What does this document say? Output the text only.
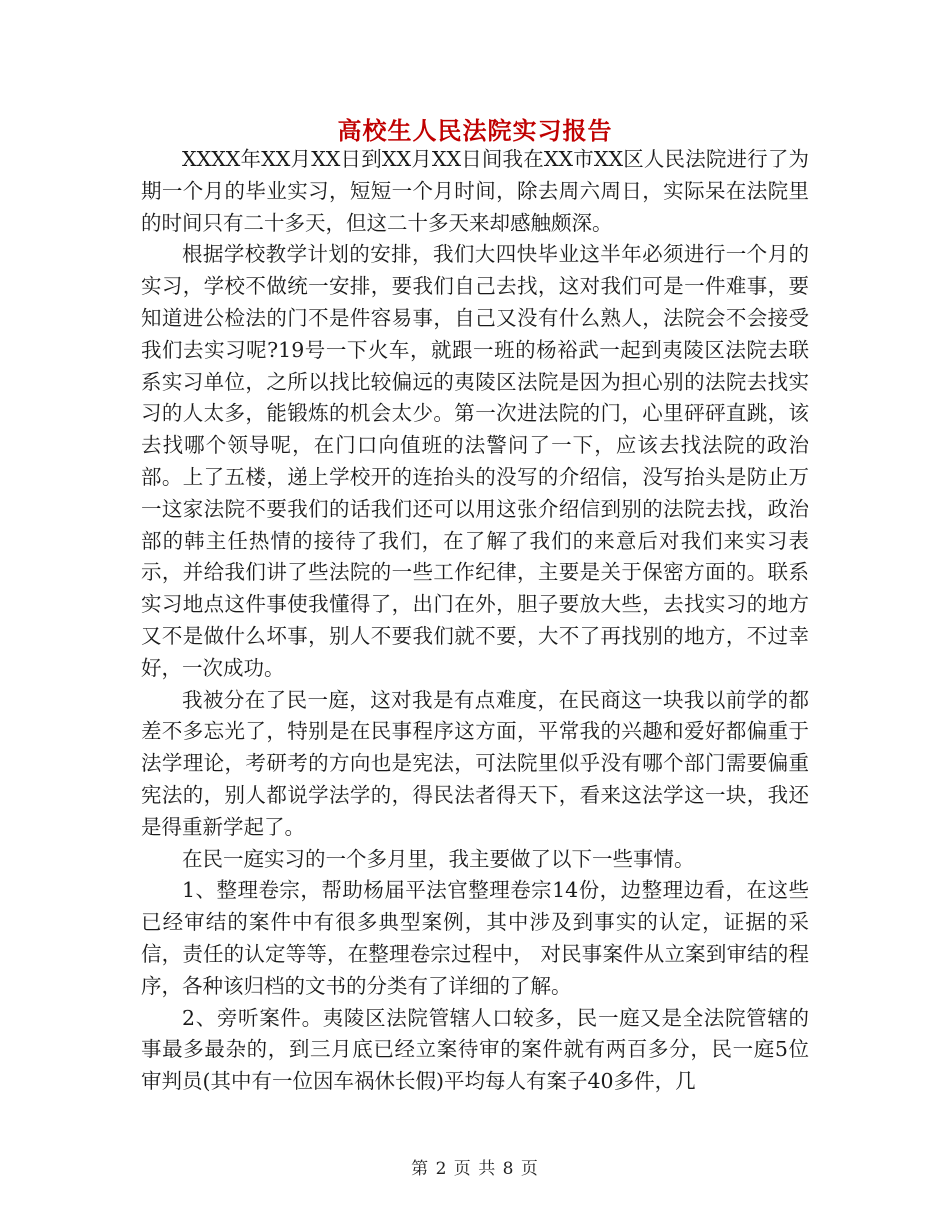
高校生人民法院实习报告

XXXX年XX月XX日到XX月XX日间我在XX市XX区人民法院进行了为期一个月的毕业实习，短短一个月时间，除去周六周日，实际呆在法院里的时间只有二十多天，但这二十多天来却感触颇深。

根据学校教学计划的安排，我们大四快毕业这半年必须进行一个月的实习，学校不做统一安排，要我们自己去找，这对我们可是一件难事，要知道进公检法的门不是件容易事，自己又没有什么熟人，法院会不会接受我们去实习呢?19号一下火车，就跟一班的杨裕武一起到夷陵区法院去联系实习单位，之所以找比较偏远的夷陵区法院是因为担心别的法院去找实习的人太多，能锻炼的机会太少。第一次进法院的门，心里砰砰直跳，该去找哪个领导呢，在门口向值班的法警问了一下，应该去找法院的政治部。上了五楼，递上学校开的连抬头的没写的介绍信，没写抬头是防止万一这家法院不要我们的话我们还可以用这张介绍信到别的法院去找，政治部的韩主任热情的接待了我们，在了解了我们的来意后对我们来实习表示，并给我们讲了些法院的一些工作纪律，主要是关于保密方面的。联系实习地点这件事使我懂得了，出门在外，胆子要放大些，去找实习的地方又不是做什么坏事，别人不要我们就不要，大不了再找别的地方，不过幸好，一次成功。

我被分在了民一庭，这对我是有点难度，在民商这一块我以前学的都差不多忘光了，特别是在民事程序这方面，平常我的兴趣和爱好都偏重于法学理论，考研考的方向也是宪法，可法院里似乎没有哪个部门需要偏重宪法的，别人都说学法学的，得民法者得天下，看来这法学这一块，我还是得重新学起了。

在民一庭实习的一个多月里，我主要做了以下一些事情。

1、整理卷宗，帮助杨届平法官整理卷宗14份，边整理边看，在这些已经审结的案件中有很多典型案例，其中涉及到事实的认定，证据的采信，责任的认定等等，在整理卷宗过程中， 对民事案件从立案到审结的程序，各种该归档的文书的分类有了详细的了解。

2、旁听案件。夷陵区法院管辖人口较多，民一庭又是全法院管辖的事最多最杂的，到三月底已经立案待审的案件就有两百多分，民一庭5位审判员(其中有一位因车祸休长假)平均每人有案子40多件，几

第 2 页 共 8 页
